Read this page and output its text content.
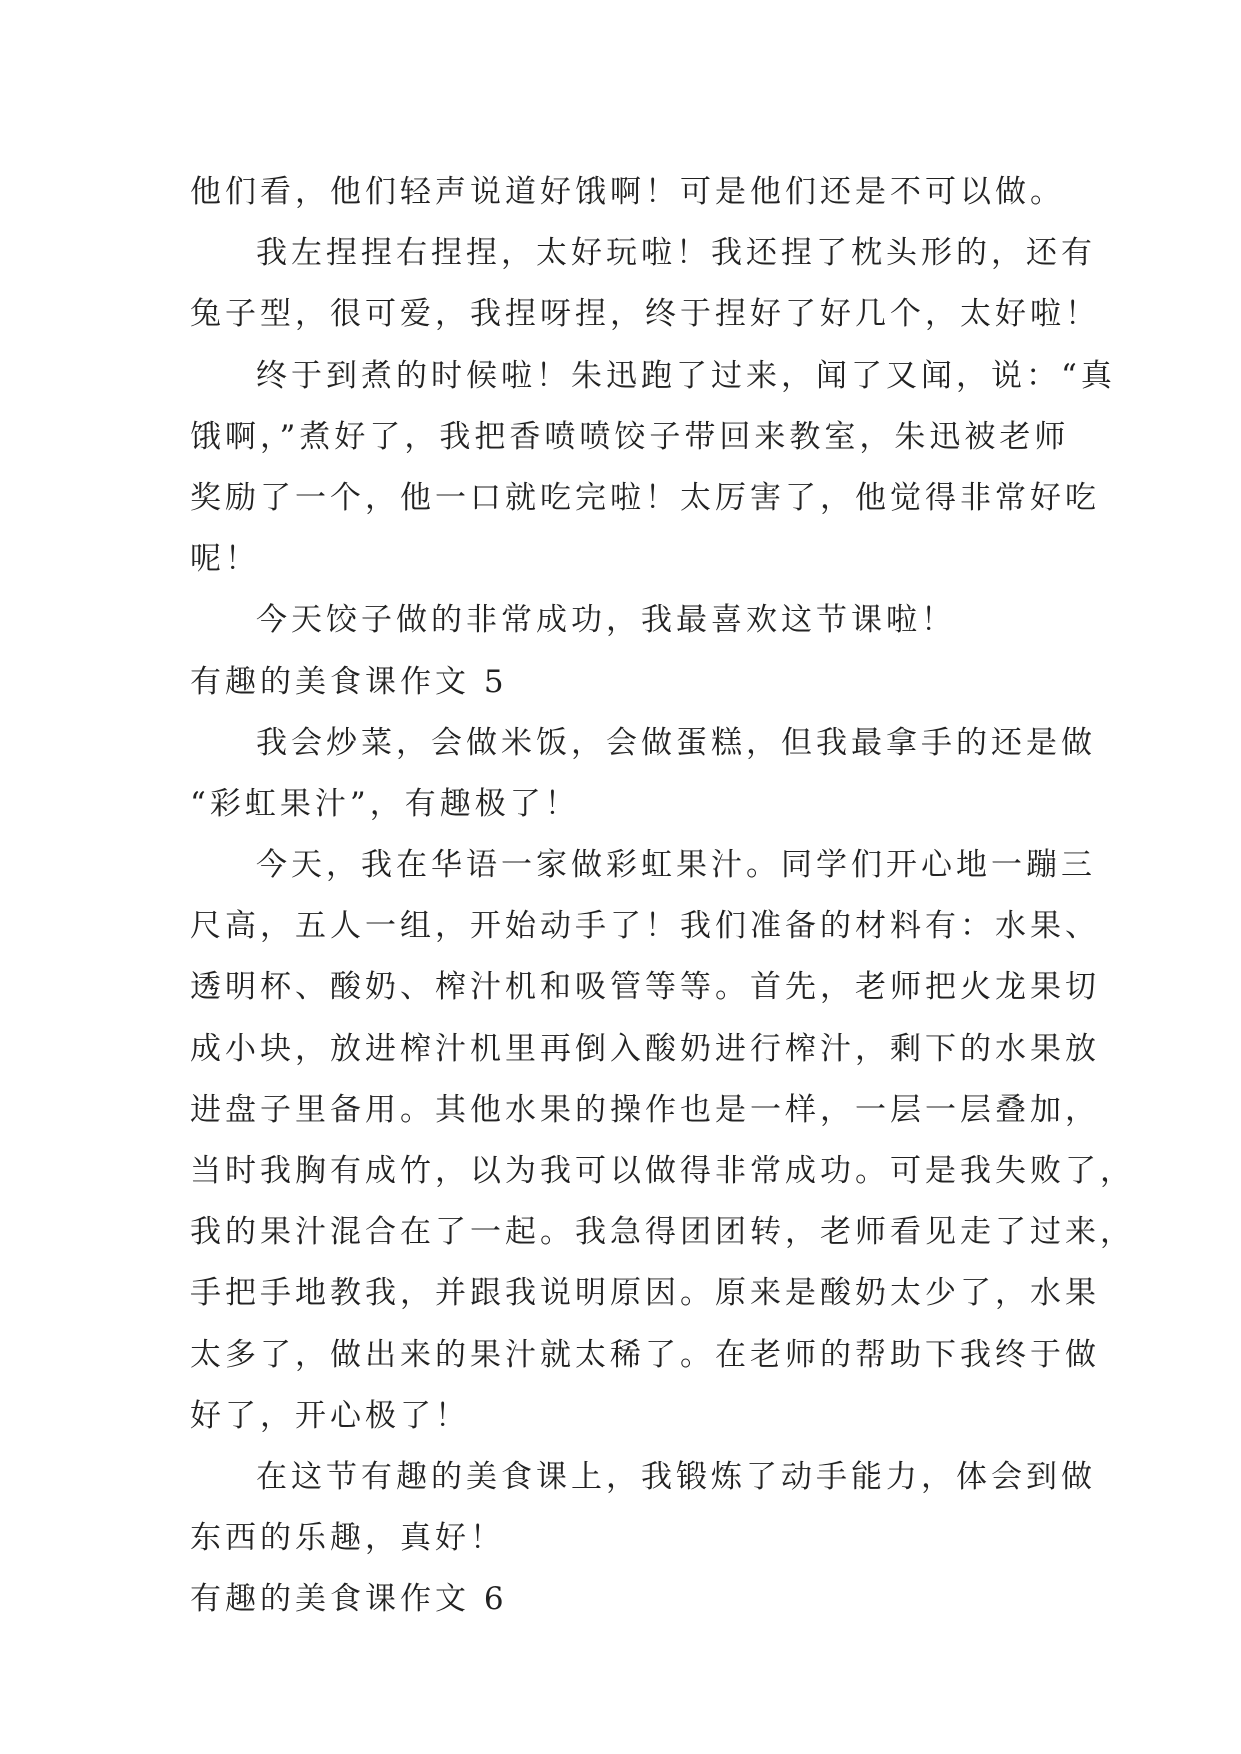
他们看，他们轻声说道好饿啊！可是他们还是不可以做。
我左捏捏右捏捏，太好玩啦！我还捏了枕头形的，还有
兔子型，很可爱，我捏呀捏，终于捏好了好几个，太好啦！
终于到煮的时候啦！朱迅跑了过来，闻了又闻，说：“真
饿啊，”煮好了，我把香喷喷饺子带回来教室，朱迅被老师
奖励了一个，他一口就吃完啦！太厉害了，他觉得非常好吃
呢！
今天饺子做的非常成功，我最喜欢这节课啦！
有趣的美食课作文 5
我会炒菜，会做米饭，会做蛋糕，但我最拿手的还是做
“彩虹果汁”，有趣极了！
今天，我在华语一家做彩虹果汁。同学们开心地一蹦三
尺高，五人一组，开始动手了！我们准备的材料有：水果、
透明杯、酸奶、榨汁机和吸管等等。首先，老师把火龙果切
成小块，放进榨汁机里再倒入酸奶进行榨汁，剩下的水果放
进盘子里备用。其他水果的操作也是一样，一层一层叠加，
当时我胸有成竹，以为我可以做得非常成功。可是我失败了，
我的果汁混合在了一起。我急得团团转，老师看见走了过来，
手把手地教我，并跟我说明原因。原来是酸奶太少了，水果
太多了，做出来的果汁就太稀了。在老师的帮助下我终于做
好了，开心极了！
在这节有趣的美食课上，我锻炼了动手能力，体会到做
东西的乐趣，真好！
有趣的美食课作文 6
